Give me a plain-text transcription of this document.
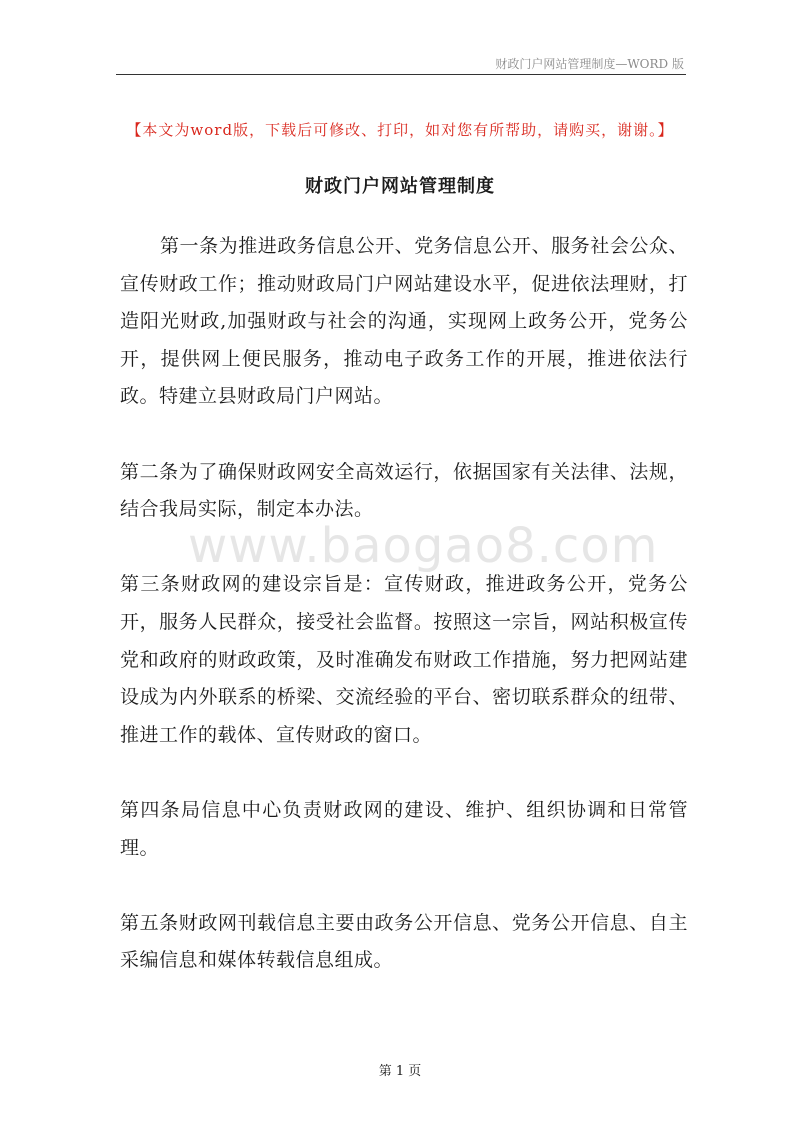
财政门户网站管理制度—WORD 版
【本文为word版，下载后可修改、打印，如对您有所帮助，请购买，谢谢。】
财政门户网站管理制度
www.baogao8.com

第一条为推进政务信息公开、党务信息公开、服务社会公众、宣传财政工作；推动财政局门户网站建设水平，促进依法理财，打造阳光财政,加强财政与社会的沟通，实现网上政务公开，党务公开，提供网上便民服务，推动电子政务工作的开展，推进依法行政。特建立县财政局门户网站。

第二条为了确保财政网安全高效运行，依据国家有关法律、法规，结合我局实际，制定本办法。

第三条财政网的建设宗旨是：宣传财政，推进政务公开，党务公开，服务人民群众，接受社会监督。按照这一宗旨，网站积极宣传党和政府的财政政策，及时准确发布财政工作措施，努力把网站建设成为内外联系的桥梁、交流经验的平台、密切联系群众的纽带、推进工作的载体、宣传财政的窗口。

第四条局信息中心负责财政网的建设、维护、组织协调和日常管理。

第五条财政网刊载信息主要由政务公开信息、党务公开信息、自主采编信息和媒体转载信息组成。

第 1 页
